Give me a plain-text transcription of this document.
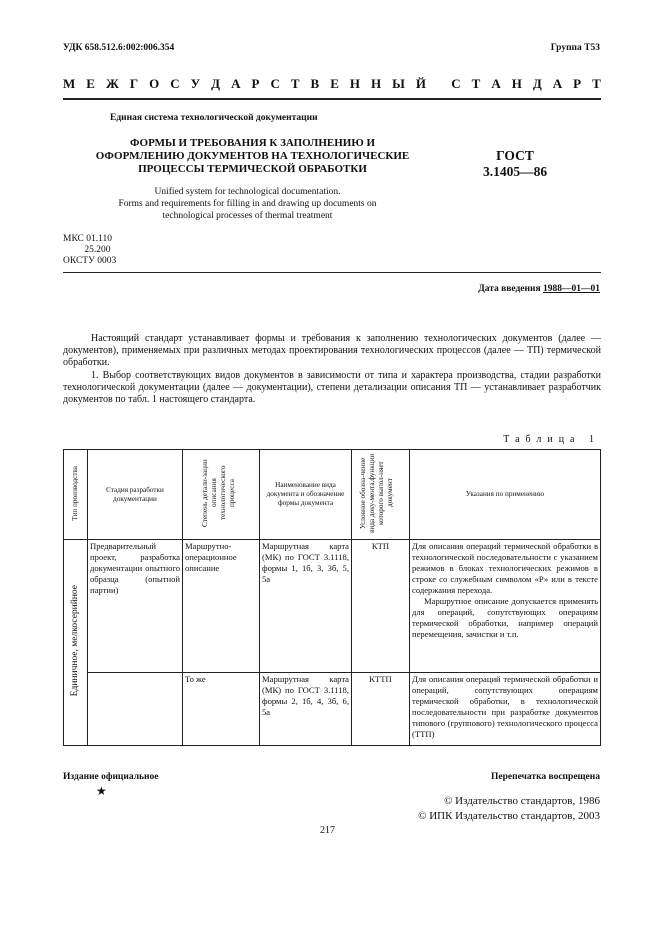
УДК 658.512.6:002:006.354	Группа Т53
М Е Ж Г О С У Д А Р С Т В Е Н Н Ы Й
С Т А Н Д А Р Т
Единая система технологической документации
ФОРМЫ И ТРЕБОВАНИЯ К ЗАПОЛНЕНИЮ И
ОФОРМЛЕНИЮ ДОКУМЕНТОВ НА ТЕХНОЛОГИЧЕСКИЕ
ПРОЦЕССЫ ТЕРМИЧЕСКОЙ ОБРАБОТКИ
ГОСТ
3.1405—86
Unified system for technological documentation.
Forms and requirements for filling in and drawing up documents on
technological processes of thermal treatment
МКС 01.110
25.200
ОКСТУ 0003
Дата введения 1988—01—01
Настоящий стандарт устанавливает формы и требования к заполнению технологических документов (далее — документов), применяемых при различных методах проектирования технологических процессов (далее — ТП) термической обработки.
1. Выбор соответствующих видов документов в зависимости от типа и характера производства, стадии разработки технологической документации (далее — документации), степени детализации описания ТП — устанавливает разработчик документов по табл. 1 настоящего стандарта.
Таблица 1
Тип производства	Стадия разработки документации	Степень детали-зации описания технологического процесса	Наименование вида документа и обозначение формы документа	Условное обозна-чение вида доку-мента,функции которого выпол-няет документ	Указания по применению
Единичное, мелкосерийное	Предварительный проект, разработка документации опытного образца (опытной партии)	Маршрутно-операционное описание	Маршрутная карта (МК) по ГОСТ 3.1118, формы 1, 1б, 3, 3б, 5, 5а	КТП	Для описания операций термической обработки в технологической последовательности с указанием режимов в блоках технологических режимов в строке со служебным символом «Р» или в тексте содержания перехода.
Маршрутное описание допускается применять для операций, сопутствующих операциям термической обработки, например операций перемещения, зачистки и т.п.

		То же	Маршрутная карта (МК) по ГОСТ 3.1118, формы 2, 1б, 4, 3б, 6, 5а	КТТП	Для описания операций термической обработки и операций, сопутствующих операциям термической обработки, в технологической последовательности при разработке документов типового (группового) технологического процесса (ТТП)
Издание официальное
★
Перепечатка воспрещена
© Издательство стандартов, 1986
© ИПК Издательство стандартов, 2003
217
